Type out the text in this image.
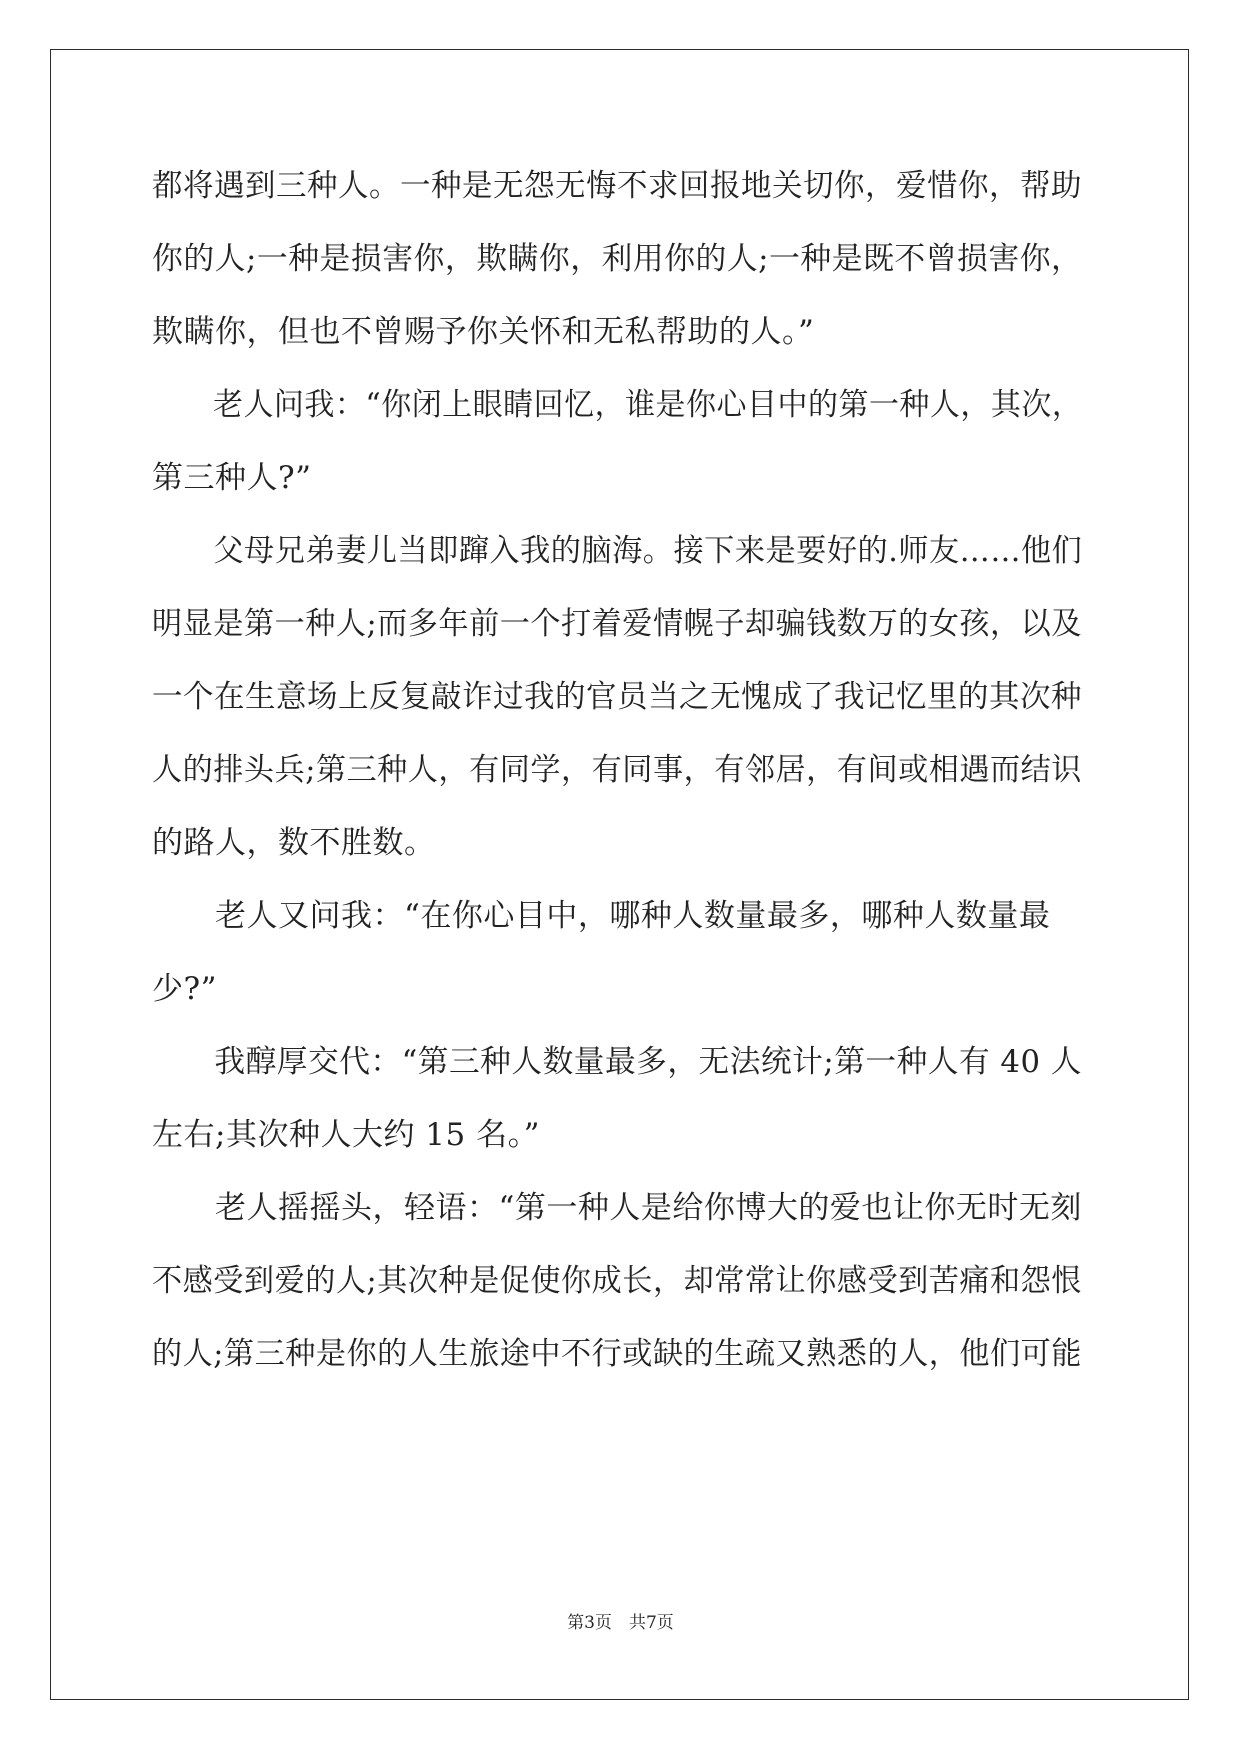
都将遇到三种人。一种是无怨无悔不求回报地关切你，爱惜你，帮助
你的人;一种是损害你，欺瞒你，利用你的人;一种是既不曾损害你，
欺瞒你，但也不曾赐予你关怀和无私帮助的人。”
　　老人问我：“你闭上眼睛回忆，谁是你心目中的第一种人，其次，
第三种人?”
　　父母兄弟妻儿当即蹿入我的脑海。接下来是要好的.师友……他们
明显是第一种人;而多年前一个打着爱情幌子却骗钱数万的女孩，以及
一个在生意场上反复敲诈过我的官员当之无愧成了我记忆里的其次种
人的排头兵;第三种人，有同学，有同事，有邻居，有间或相遇而结识
的路人，数不胜数。
　　老人又问我：“在你心目中，哪种人数量最多，哪种人数量最
少?”
　　我醇厚交代：“第三种人数量最多，无法统计;第一种人有 40 人
左右;其次种人大约 15 名。”
　　老人摇摇头，轻语：“第一种人是给你博大的爱也让你无时无刻
不感受到爱的人;其次种是促使你成长，却常常让你感受到苦痛和怨恨
的人;第三种是你的人生旅途中不行或缺的生疏又熟悉的人，他们可能
第3页　共7页
